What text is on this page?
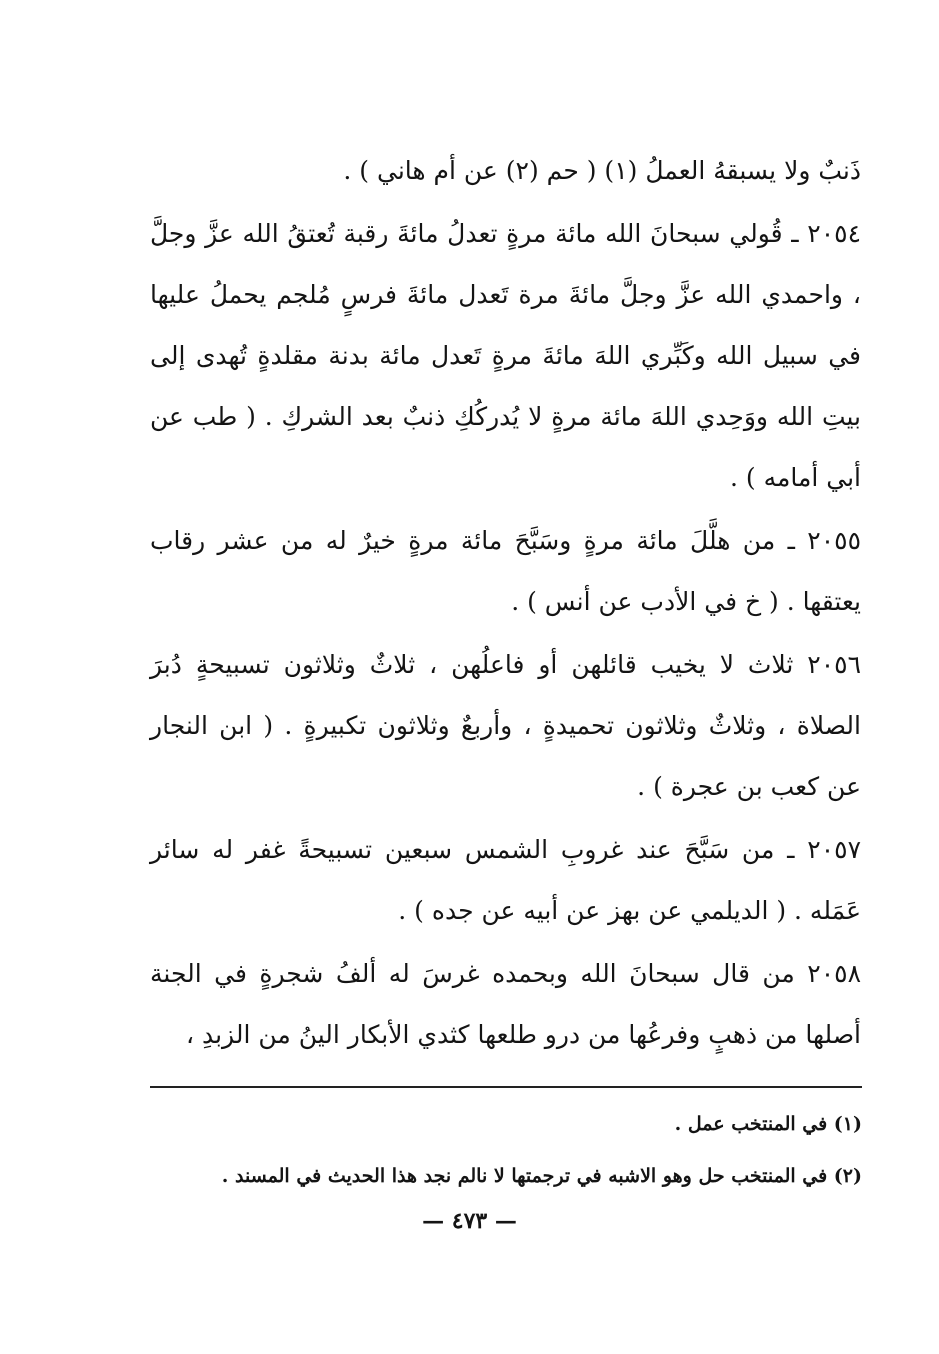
ذَنبٌ ولا يسبقهُ العملُ (١) ( حم (٢) عن أم هاني ) .

٢٠٥٤ ـ قُولي سبحانَ الله مائة مرةٍ تعدلُ مائةَ رقبة تُعتقُ الله عزَّ وجلَّ ، واحمدي الله عزَّ وجلَّ مائةَ مرة تَعدل مائةَ فرسٍ مُلجم يحملُ عليها في سبيل الله وكَبِّري اللهَ مائةَ مرةٍ تَعدل مائة بدنة مقلدةٍ تُهدى إلى بيتِ الله ووَحِدي اللهَ مائة مرةٍ لا يُدركُكِ ذنبٌ بعد الشركِ . ( طب عن أبي أمامه ) .

٢٠٥٥ ـ من هلَّلَ مائة مرةٍ وسَبَّحَ مائة مرةٍ خيرٌ له من عشر رقاب يعتقها . ( خ في الأدب عن أنس ) .

٢٠٥٦ ثلاث لا يخيب قائلهن أو فاعلُهن ، ثلاثٌ وثلاثون تسبيحةٍ دُبرَ الصلاة ، وثلاثٌ وثلاثون تحميدةٍ ، وأربعٌ وثلاثون تكبيرةٍ . ( ابن النجار عن كعب بن عجرة ) .

٢٠٥٧ ـ من سَبَّحَ عند غروبِ الشمس سبعين تسبيحةً غفر له سائر عَمَله . ( الديلمي عن بهز عن أبيه عن جده ) .

٢٠٥٨ من قال سبحانَ الله وبحمده غرسَ له ألفُ شجرةٍ في الجنة أصلها من ذهبٍ وفرعُها من درو طلعها كثدي الأبكار الينُ من الزبدِ ،

(١) في المنتخب عمل .

(٢) في المنتخب حل وهو الاشبه في ترجمتها لا نالم نجد هذا الحديث في المسند .

— ٤٧٣ —
